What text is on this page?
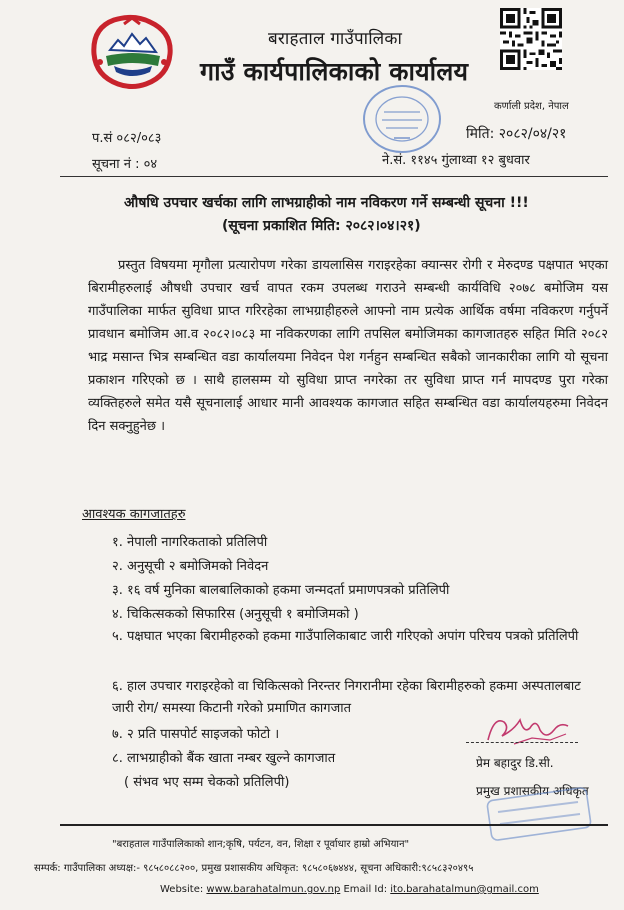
बराहताल गाउँपालिका
गाउँ कार्यपालिकाको कार्यालय
कर्णाली प्रदेश, नेपाल
प.सं ०८२/०८३
सूचना नं : ०४
मिति: २०८२/०४/२१
ने.सं. ११४५ गुंलाथ्वा १२ बुधवार
औषधि उपचार खर्चका लागि लाभग्राहीको नाम नविकरण गर्ने सम्बन्धी सूचना !!!
(सूचना प्रकाशित मिति: २०८२।०४।२१)

प्रस्तुत विषयमा मृगौला प्रत्यारोपण गरेका डायलासिस गराइरहेका क्यान्सर रोगी र मेरुदण्ड पक्षपात भएका बिरामीहरुलाई औषधी उपचार खर्च वापत रकम उपलब्ध गराउने सम्बन्धी कार्यविधि २०७८ बमोजिम यस गाउँपालिका मार्फत सुविधा प्राप्त गरिरहेका लाभग्राहीहरुले आफ्नो नाम प्रत्येक आर्थिक वर्षमा नविकरण गर्नुपर्ने प्रावधान बमोजिम आ.व २०८२।०८३ मा नविकरणका लागि तपसिल बमोजिमका कागजातहरु सहित मिति २०८२ भाद्र मसान्त भित्र सम्बन्धित वडा कार्यालयमा निवेदन पेश गर्नहुन सम्बन्धित सबैको जानकारीका लागि यो सूचना प्रकाशन गरिएको छ । साथै हालसम्म यो सुविधा प्राप्त नगरेका तर सुविधा प्राप्त गर्न मापदण्ड पुरा गरेका व्यक्तिहरुले समेत यसै सूचनालाई आधार मानी आवश्यक कागजात सहित सम्बन्धित वडा कार्यालयहरुमा निवेदन दिन सक्नुहुनेछ ।

आवश्यक कागजातहरु
१. नेपाली नागरिकताको प्रतिलिपी
२. अनुसूची २ बमोजिमको निवेदन
३. १६ वर्ष मुनिका बालबालिकाको हकमा जन्मदर्ता प्रमाणपत्रको प्रतिलिपी
४. चिकित्सकको सिफारिस (अनुसूची १ बमोजिमको )
५. पक्षघात भएका बिरामीहरुको हकमा गाउँपालिकाबाट जारी गरिएको अपांग परिचय पत्रको प्रतिलिपी
६. हाल उपचार गराइरहेको वा चिकित्सको निरन्तर निगरानीमा रहेका बिरामीहरुको हकमा अस्पतालबाट जारी रोग/ समस्या किटानी गरेको प्रमाणित कागजात
७. २ प्रति पासपोर्ट साइजको फोटो ।
८. लाभग्राहीको बैंक खाता नम्बर खुल्ने कागजात
( संभव भए सम्म चेकको प्रतिलिपी)
प्रेम बहादुर डि.सी.
प्रमुख प्रशासकीय अधिकृत
"बराहताल गाउँपालिकाको शान;कृषि, पर्यटन, वन, शिक्षा र पूर्वाधार हाम्रो अभियान"
सम्पर्क: गाउँपालिका अध्यक्ष:- ९८५८०८८२००, प्रमुख प्रशासकीय अधिकृत: ९८५८०६७४४४, सूचना अधिकारी:९८५८३२०४९५
Website: www.barahatalmun.gov.np Email Id: ito.barahatalmun@gmail.com
